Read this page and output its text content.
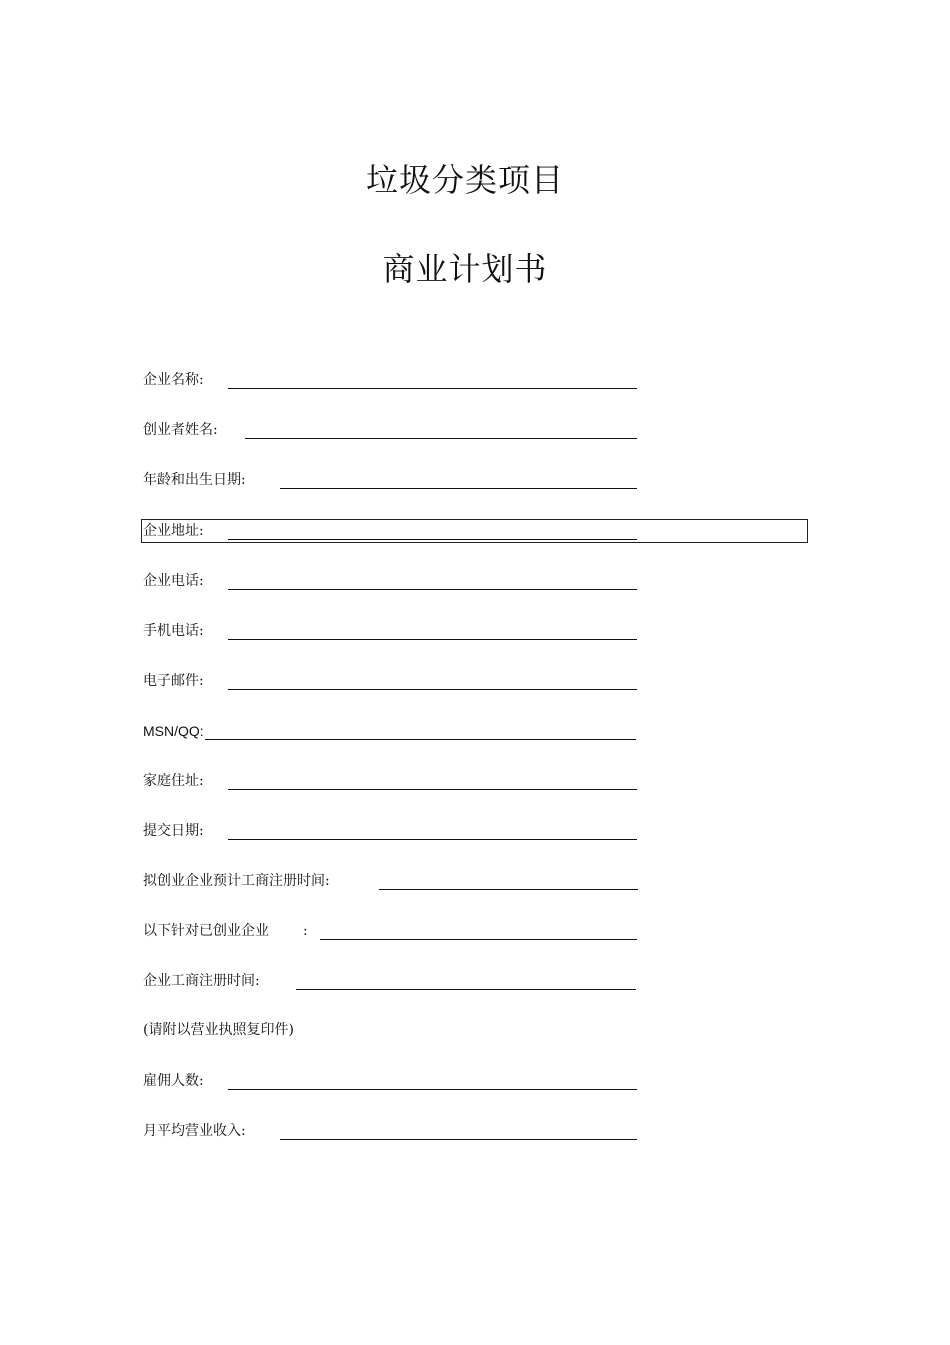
垃圾分类项目
商业计划书
企业名称:
创业者姓名:
年龄和出生日期:
企业地址:
企业电话:
手机电话:
电子邮件:
MSN/QQ:
家庭住址:
提交日期:
拟创业企业预计工商注册时间:
以下针对已创业企业 :
企业工商注册时间:
(请附以营业执照复印件)
雇佣人数:
月平均营业收入:
